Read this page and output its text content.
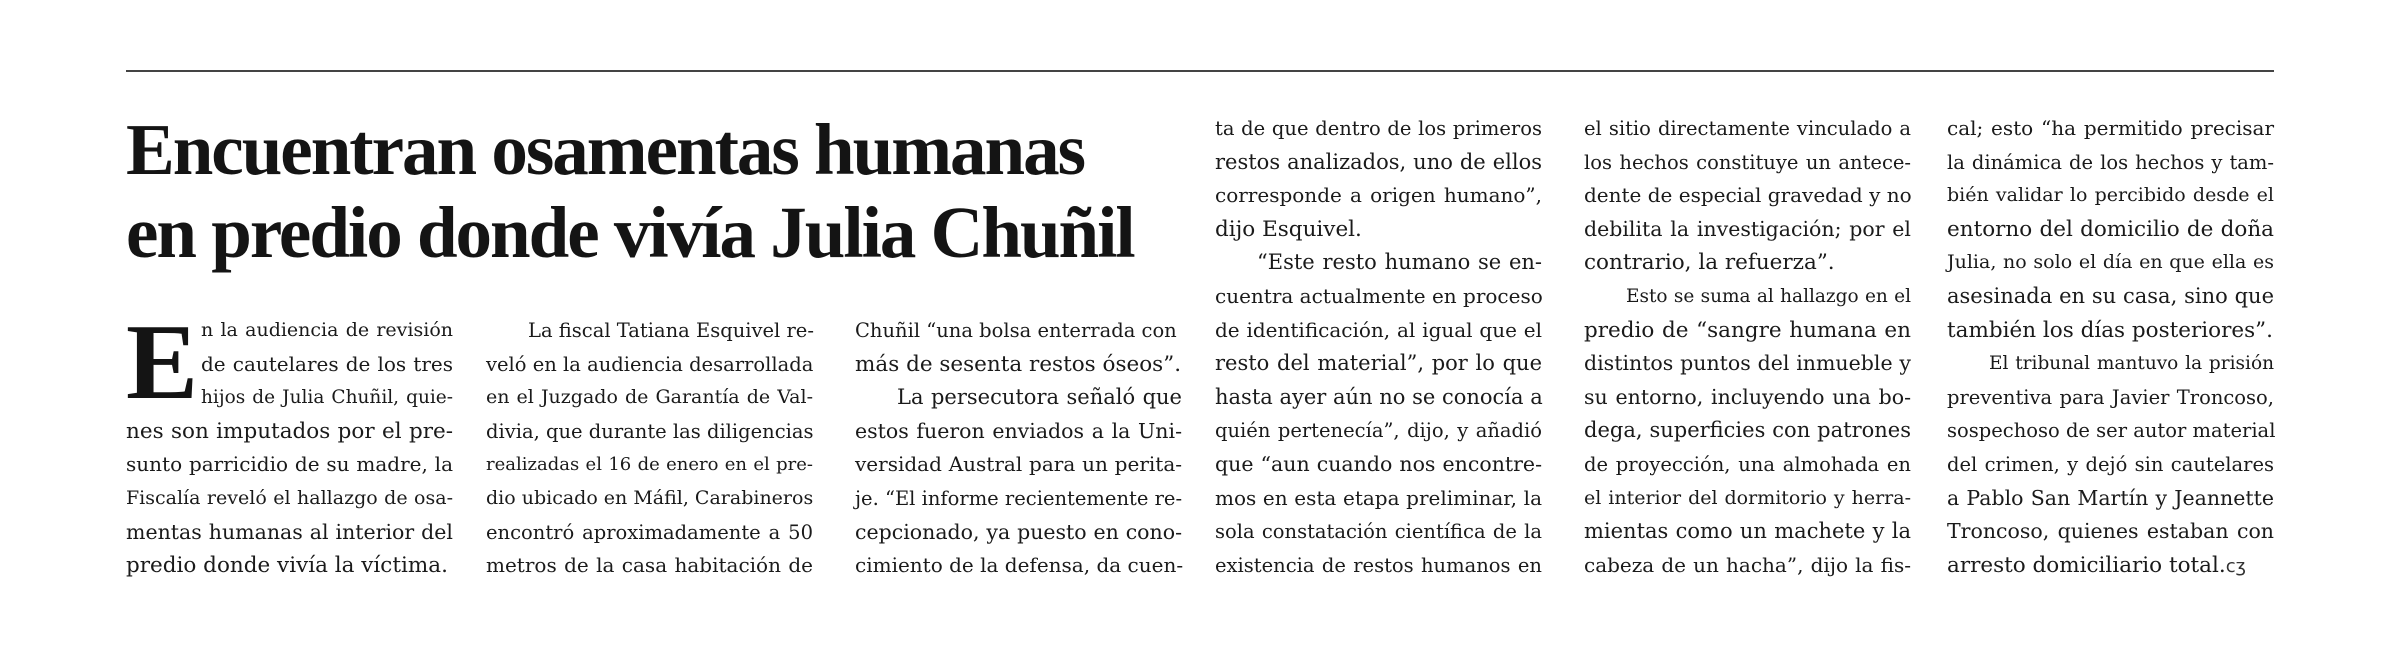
Encuentran osamentas humanas
en predio donde vivía Julia Chuñil
E n la audiencia de revisión
de cautelares de los tres
hijos de Julia Chuñil, quie-
nes son imputados por el pre-
sunto parricidio de su madre, la
Fiscalía reveló el hallazgo de osa-
mentas humanas al interior del
predio donde vivía la víctima.
La fiscal Tatiana Esquivel re-
veló en la audiencia desarrollada
en el Juzgado de Garantía de Val-
divia, que durante las diligencias
realizadas el 16 de enero en el pre-
dio ubicado en Máfil, Carabineros
encontró aproximadamente a 50
metros de la casa habitación de
Chuñil “una bolsa enterrada con
más de sesenta restos óseos”.
La persecutora señaló que
estos fueron enviados a la Uni-
versidad Austral para un perita-
je. “El informe recientemente re-
cepcionado, ya puesto en cono-
cimiento de la defensa, da cuen-
ta de que dentro de los primeros
restos analizados, uno de ellos
corresponde a origen humano”,
dijo Esquivel.
“Este resto humano se en-
cuentra actualmente en proceso
de identificación, al igual que el
resto del material”, por lo que
hasta ayer aún no se conocía a
quién pertenecía”, dijo, y añadió
que “aun cuando nos encontre-
mos en esta etapa preliminar, la
sola constatación científica de la
existencia de restos humanos en
el sitio directamente vinculado a
los hechos constituye un antece-
dente de especial gravedad y no
debilita la investigación; por el
contrario, la refuerza”.
Esto se suma al hallazgo en el
predio de “sangre humana en
distintos puntos del inmueble y
su entorno, incluyendo una bo-
dega, superficies con patrones
de proyección, una almohada en
el interior del dormitorio y herra-
mientas como un machete y la
cabeza de un hacha”, dijo la fis-
cal; esto “ha permitido precisar
la dinámica de los hechos y tam-
bién validar lo percibido desde el
entorno del domicilio de doña
Julia, no solo el día en que ella es
asesinada en su casa, sino que
también los días posteriores”.
El tribunal mantuvo la prisión
preventiva para Javier Troncoso,
sospechoso de ser autor material
del crimen, y dejó sin cautelares
a Pablo San Martín y Jeannette
Troncoso, quienes estaban con
arresto domiciliario total.ᴄʒ
